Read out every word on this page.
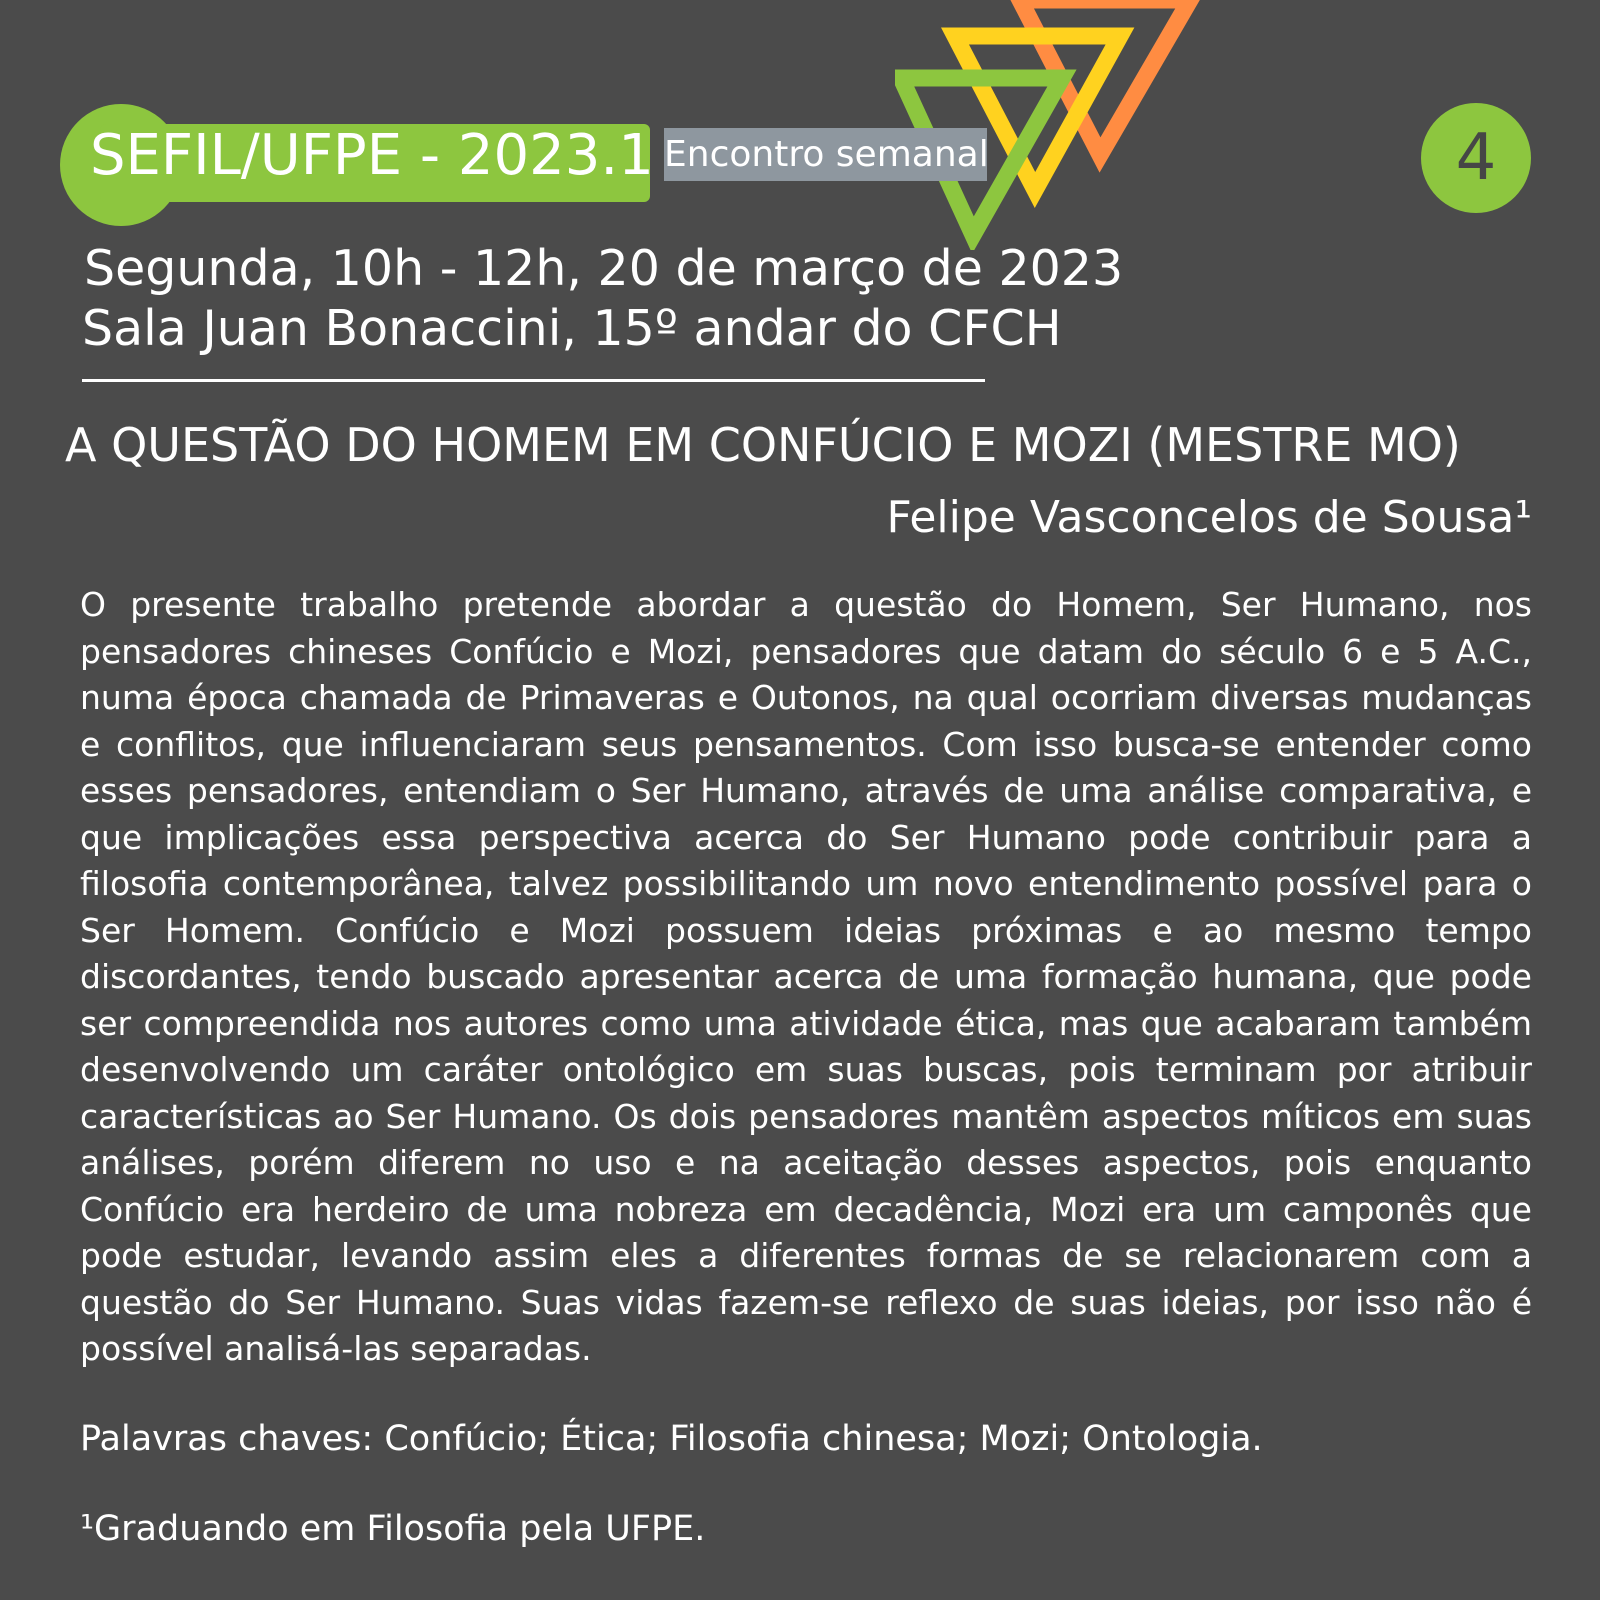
SEFIL/UFPE - 2023.1 Encontro semanal	4
Segunda, 10h - 12h, 20 de março de 2023
Sala Juan Bonaccini, 15º andar do CFCH
A QUESTÃO DO HOMEM EM CONFÚCIO E MOZI (MESTRE MO)
Felipe Vasconcelos de Sousa¹

O presente trabalho pretende abordar a questão do Homem, Ser Humano, nos pensadores chineses Confúcio e Mozi, pensadores que datam do século 6 e 5 A.C., numa época chamada de Primaveras e Outonos, na qual ocorriam diversas mudanças e conflitos, que influenciaram seus pensamentos. Com isso busca-se entender como esses pensadores, entendiam o Ser Humano, através de uma análise comparativa, e que implicações essa perspectiva acerca do Ser Humano pode contribuir para a filosofia contemporânea, talvez possibilitando um novo entendimento possível para o Ser Homem. Confúcio e Mozi possuem ideias próximas e ao mesmo tempo discordantes, tendo buscado apresentar acerca de uma formação humana, que pode ser compreendida nos autores como uma atividade ética, mas que acabaram também desenvolvendo um caráter ontológico em suas buscas, pois terminam por atribuir características ao Ser Humano. Os dois pensadores mantêm aspectos míticos em suas análises, porém diferem no uso e na aceitação desses aspectos, pois enquanto Confúcio era herdeiro de uma nobreza em decadência, Mozi era um camponês que pode estudar, levando assim eles a diferentes formas de se relacionarem com a questão do Ser Humano. Suas vidas fazem-se reflexo de suas ideias, por isso não é possível analisá-las separadas.

Palavras chaves: Confúcio; Ética; Filosofia chinesa; Mozi; Ontologia.
¹Graduando em Filosofia pela UFPE.
